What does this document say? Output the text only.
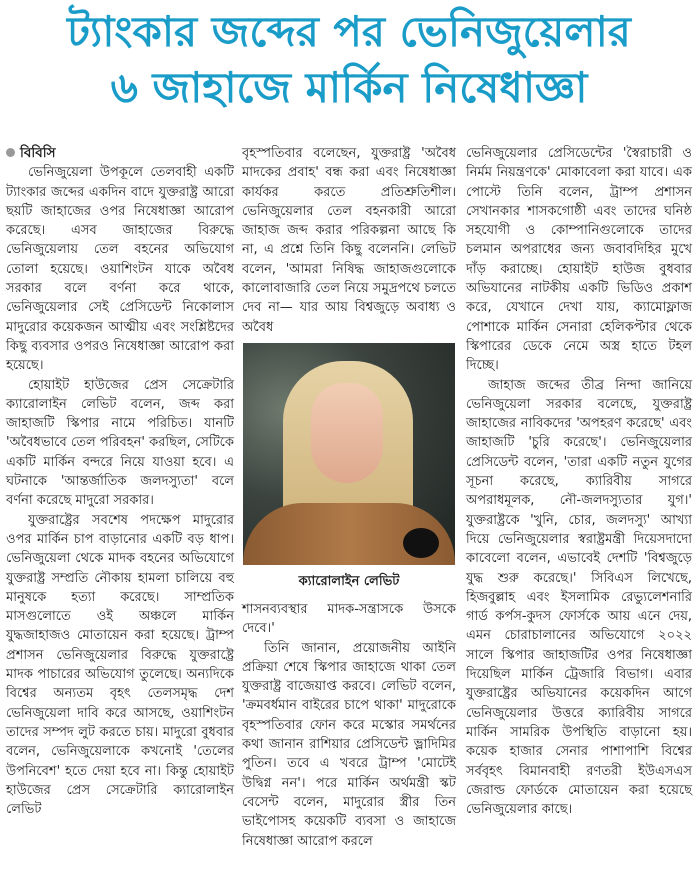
ট্যাংকার জব্দের পর ভেনিজুয়েলার
৬ জাহাজে মার্কিন নিষেধাজ্ঞা
বিবিসি

ভেনিজুয়েলা উপকূলে তেলবাহী একটি ট্যাংকার জব্দের একদিন বাদে যুক্তরাষ্ট্র আরো ছয়টি জাহাজের ওপর নিষেধাজ্ঞা আরোপ করেছে। এসব জাহাজের বিরুদ্ধে ভেনিজুয়েলায় তেল বহনের অভিযোগ তোলা হয়েছে। ওয়াশিংটন যাকে অবৈধ সরকার বলে বর্ণনা করে থাকে, ভেনিজুয়েলার সেই প্রেসিডেন্ট নিকোলাস মাদুরোর কয়েকজন আত্মীয় এবং সংশ্লিষ্টদের কিছু ব্যবসার ওপরও নিষেধাজ্ঞা আরোপ করা হয়েছে।

হোয়াইট হাউজের প্রেস সেক্রেটারি ক্যারোলাইন লেভিট বলেন, জব্দ করা জাহাজটি স্কিপার নামে পরিচিত। যানটি 'অবৈধভাবে তেল পরিবহন' করছিল, সেটিকে একটি মার্কিন বন্দরে নিয়ে যাওয়া হবে। এ ঘটনাকে 'আন্তর্জাতিক জলদস্যুতা' বলে বর্ণনা করেছে মাদুরো সরকার।

যুক্তরাষ্ট্রের সবশেষ পদক্ষেপ মাদুরোর ওপর মার্কিন চাপ বাড়ানোর একটি বড় ধাপ। ভেনিজুয়েলা থেকে মাদক বহনের অভিযোগে যুক্তরাষ্ট্র সম্প্রতি নৌকায় হামলা চালিয়ে বহু মানুষকে হত্যা করেছে। সাম্প্রতিক মাসগুলোতে ওই অঞ্চলে মার্কিন যুদ্ধজাহাজও মোতায়েন করা হয়েছে। ট্রাম্প প্রশাসন ভেনিজুয়েলার বিরুদ্ধে যুক্তরাষ্ট্রে মাদক পাচারের অভিযোগ তুলেছে। অন্যদিকে বিশ্বের অন্যতম বৃহৎ তেলসমৃদ্ধ দেশ ভেনিজুয়েলা দাবি করে আসছে, ওয়াশিংটন তাদের সম্পদ লুট করতে চায়। মাদুরো বুধবার বলেন, ভেনিজুয়েলাকে কখনোই 'তেলের উপনিবেশ' হতে দেয়া হবে না। কিন্তু হোয়াইট হাউজের প্রেস সেক্রেটারি ক্যারোলাইন লেভিট

বৃহস্পতিবার বলেছেন, যুক্তরাষ্ট্র 'অবৈধ মাদকের প্রবাহ' বন্ধ করা এবং নিষেধাজ্ঞা কার্যকর করতে প্রতিশ্রুতিশীল। ভেনিজুয়েলার তেল বহনকারী আরো জাহাজ জব্দ করার পরিকল্পনা আছে কি না, এ প্রশ্নে তিনি কিছু বলেননি। লেভিট বলেন, 'আমরা নিষিদ্ধ জাহাজগুলোকে কালোবাজারি তেল নিয়ে সমুদ্রপথে চলতে দেব না— যার আয় বিশ্বজুড়ে অবাধ্য ও অবৈধ

ক্যারোলাইন লেভিট

শাসনব্যবস্থার মাদক-সন্ত্রাসকে উসকে দেবে।'

তিনি জানান, প্রয়োজনীয় আইনি প্রক্রিয়া শেষে স্কিপার জাহাজে থাকা তেল যুক্তরাষ্ট্র বাজেয়াপ্ত করবে। লেভিট বলেন, 'ক্রমবর্ধমান বাইরের চাপে থাকা' মাদুরোকে বৃহস্পতিবার ফোন করে মস্কোর সমর্থনের কথা জানান রাশিয়ার প্রেসিডেন্ট ভ্লাদিমির পুতিন। তবে এ খবরে ট্রাম্প 'মোটেই উদ্বিগ্ন নন'। পরে মার্কিন অর্থমন্ত্রী স্কট বেসেন্ট বলেন, মাদুরোর স্ত্রীর তিন ভাইপোসহ কয়েকটি ব্যবসা ও জাহাজে নিষেধাজ্ঞা আরোপ করলে

ভেনিজুয়েলার প্রেসিডেন্টের 'স্বৈরাচারী ও নির্মম নিয়ন্ত্রণকে' মোকাবেলা করা যাবে। এক পোস্টে তিনি বলেন, ট্রাম্প প্রশাসন সেখানকার শাসকগোষ্ঠী এবং তাদের ঘনিষ্ঠ সহযোগী ও কোম্পানিগুলোকে তাদের চলমান অপরাধের জন্য জবাবদিহির মুখে দাঁড় করাচ্ছে। হোয়াইট হাউজ বুধবার অভিযানের নাটকীয় একটি ভিডিও প্রকাশ করে, যেখানে দেখা যায়, ক্যামোফ্লাজ পোশাকে মার্কিন সেনারা হেলিকপ্টার থেকে স্কিপারের ডেকে নেমে অস্ত্র হাতে টহল দিচ্ছে।

জাহাজ জব্দের তীব্র নিন্দা জানিয়ে ভেনিজুয়েলা সরকার বলেছে, যুক্তরাষ্ট্র জাহাজের নাবিকদের 'অপহরণ করেছে' এবং জাহাজটি 'চুরি করেছে'। ভেনিজুয়েলার প্রেসিডেন্ট বলেন, 'তারা একটি নতুন যুগের সূচনা করেছে, ক্যারিবীয় সাগরে অপরাধমূলক, নৌ-জলদস্যুতার যুগ।' যুক্তরাষ্ট্রকে 'খুনি, চোর, জলদস্যু' আখ্যা দিয়ে ভেনিজুয়েলার স্বরাষ্ট্রমন্ত্রী দিয়েসদাদো কাবেলো বলেন, এভাবেই দেশটি 'বিশ্বজুড়ে যুদ্ধ শুরু করেছে।' সিবিএস লিখেছে, হিজবুল্লাহ এবং ইসলামিক রেভ্যুলেশনারি গার্ড কর্পস-কুদস ফোর্সকে আয় এনে দেয়, এমন চোরাচালানের অভিযোগে ২০২২ সালে স্কিপার জাহাজটির ওপর নিষেধাজ্ঞা দিয়েছিল মার্কিন ট্রেজারি বিভাগ। এবার যুক্তরাষ্ট্রের অভিযানের কয়েকদিন আগে ভেনিজুয়েলার উত্তরে ক্যারিবীয় সাগরে মার্কিন সামরিক উপস্থিতি বাড়ানো হয়। কয়েক হাজার সেনার পাশাপাশি বিশ্বের সর্ববৃহৎ বিমানবাহী রণতরী ইউএসএস জেরাল্ড ফোর্ডকে মোতায়েন করা হয়েছে ভেনিজুয়েলার কাছে।
